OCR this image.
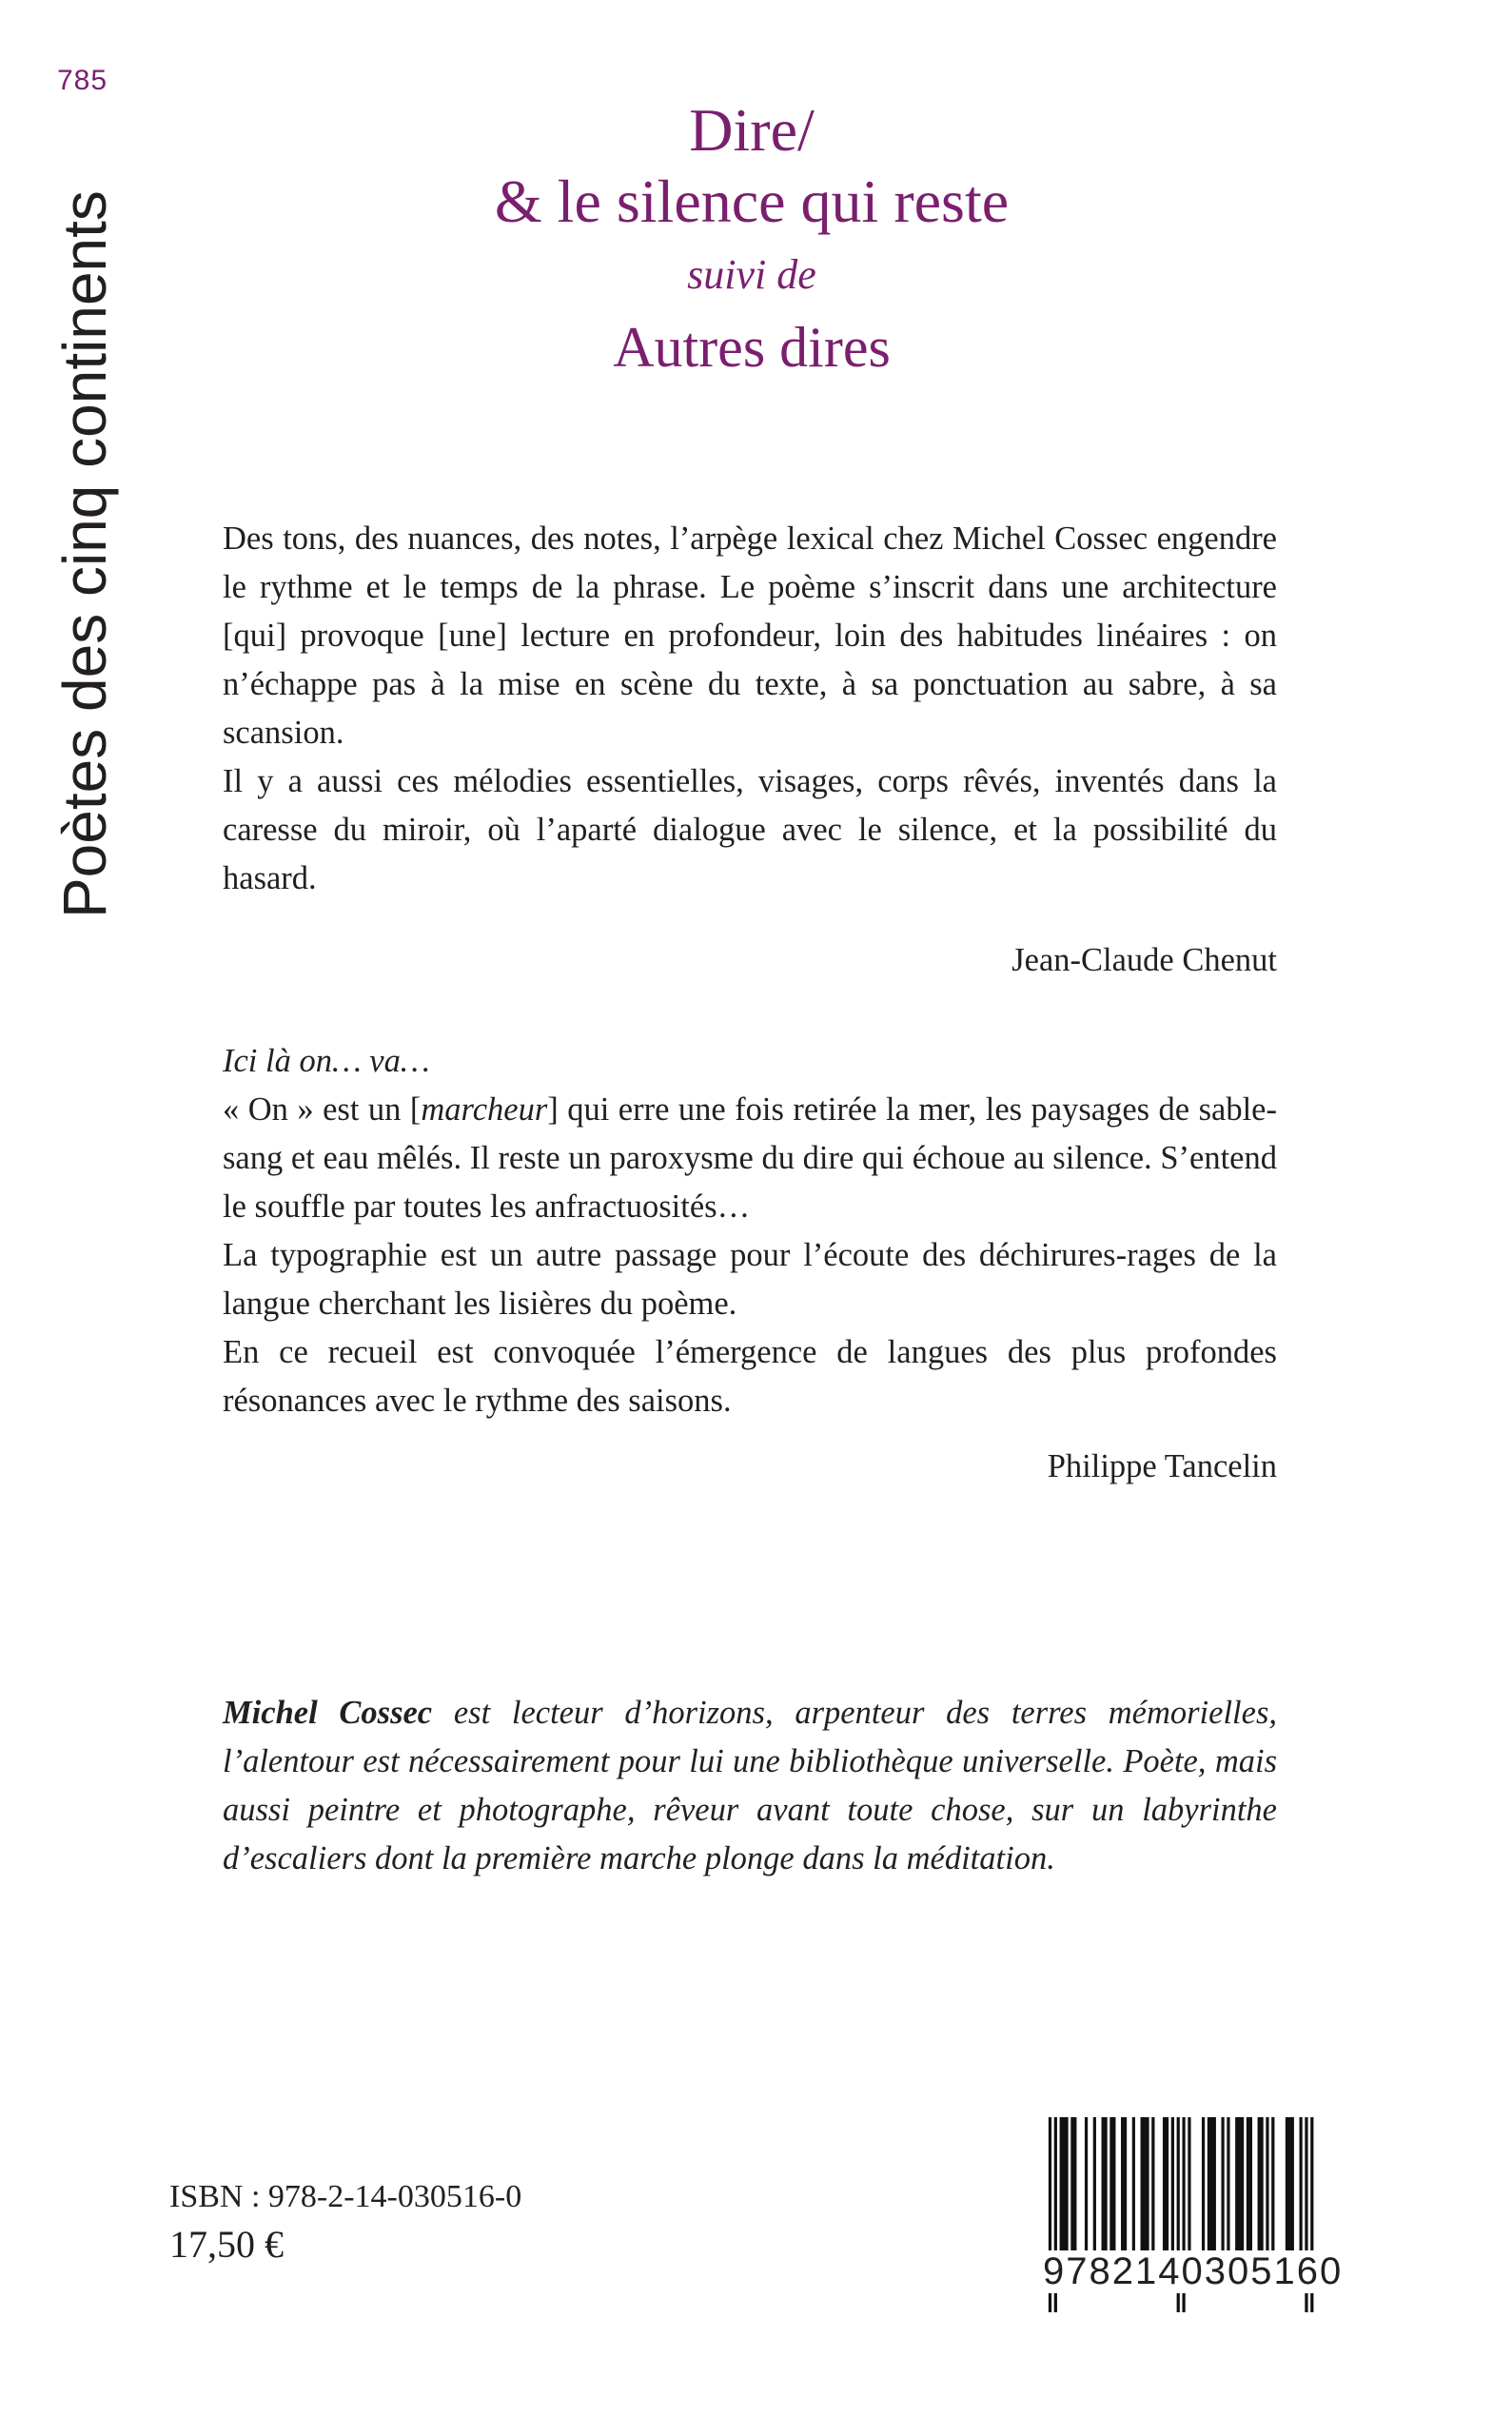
785
Poètes des cinq continents
Dire/
& le silence qui reste
suivi de
Autres dires

Des tons, des nuances, des notes, l’arpège lexical chez Michel Cossec engendre le rythme et le temps de la phrase. Le poème s’inscrit dans une architecture [qui] provoque [une] lecture en profondeur, loin des habitudes linéaires : on n’échappe pas à la mise en scène du texte, à sa ponctuation au sabre, à sa scansion.

Il y a aussi ces mélodies essentielles, visages, corps rêvés, inventés dans la caresse du miroir, où l’aparté dialogue avec le silence, et la possibilité du hasard.

Jean-Claude Chenut

Ici là on… va…

« On » est un [marcheur] qui erre une fois retirée la mer, les paysages de sable-sang et eau mêlés. Il reste un paroxysme du dire qui échoue au silence. S’entend le souffle par toutes les anfractuosités…

La typographie est un autre passage pour l’écoute des déchirures-rages de la langue cherchant les lisières du poème.

En ce recueil est convoquée l’émergence de langues des plus profondes résonances avec le rythme des saisons.

Philippe Tancelin
Michel Cossec est lecteur d’horizons, arpenteur des terres mémorielles, l’alentour est nécessairement pour lui une bibliothèque universelle. Poète, mais aussi peintre et photographe, rêveur avant toute chose, sur un labyrinthe d’escaliers dont la première marche plonge dans la méditation.
ISBN : 978-2-14-030516-0
17,50 €
9782140305160
